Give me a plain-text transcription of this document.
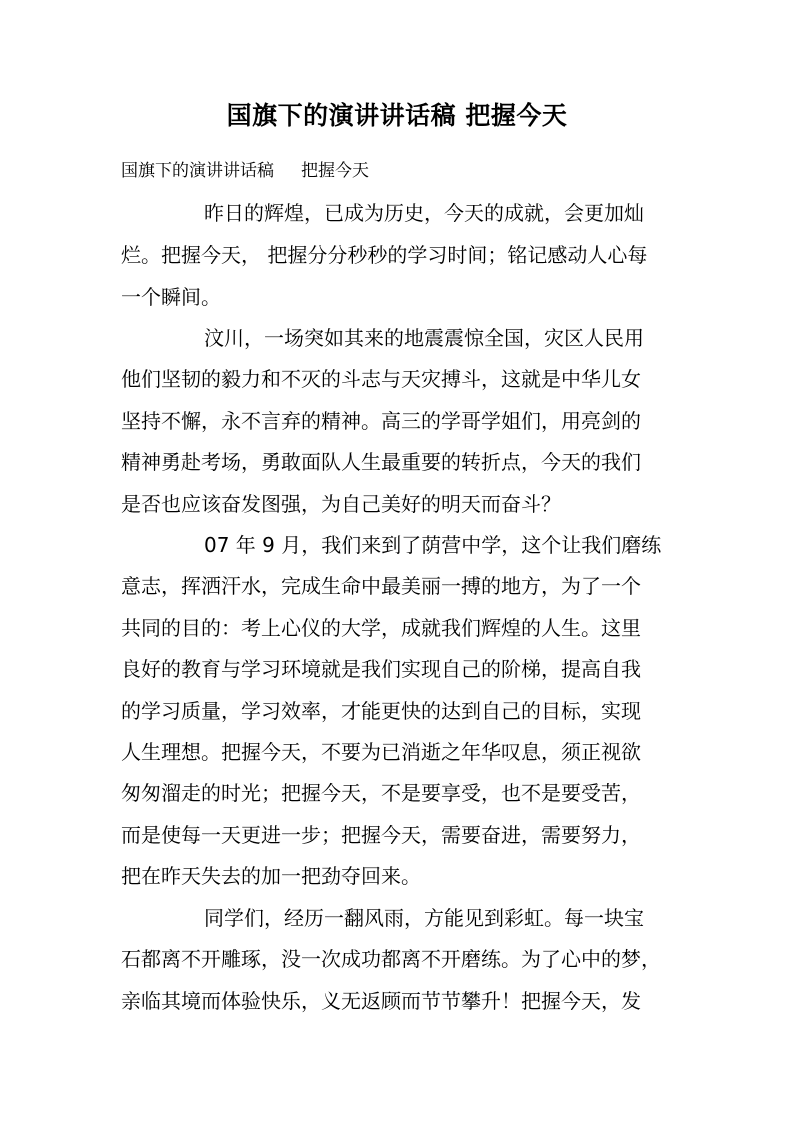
国旗下的演讲讲话稿 把握今天
国旗下的演讲讲话稿     把握今天
昨日的辉煌，已成为历史，今天的成就，会更加灿
烂。把握今天， 把握分分秒秒的学习时间；铭记感动人心每
一个瞬间。
汶川，一场突如其来的地震震惊全国，灾区人民用
他们坚韧的毅力和不灭的斗志与天灾搏斗，这就是中华儿女
坚持不懈，永不言弃的精神。高三的学哥学姐们，用亮剑的
精神勇赴考场，勇敢面队人生最重要的转折点，今天的我们
是否也应该奋发图强，为自己美好的明天而奋斗？
07 年 9 月，我们来到了荫营中学，这个让我们磨练
意志，挥洒汗水，完成生命中最美丽一搏的地方，为了一个
共同的目的：考上心仪的大学，成就我们辉煌的人生。这里
良好的教育与学习环境就是我们实现自己的阶梯，提高自我
的学习质量，学习效率，才能更快的达到自己的目标，实现
人生理想。把握今天，不要为已消逝之年华叹息，须正视欲
匆匆溜走的时光；把握今天，不是要享受，也不是要受苦，
而是使每一天更进一步；把握今天，需要奋进，需要努力，
把在昨天失去的加一把劲夺回来。
同学们，经历一翻风雨，方能见到彩虹。每一块宝
石都离不开雕琢，没一次成功都离不开磨练。为了心中的梦，
亲临其境而体验快乐，义无返顾而节节攀升！把握今天，发
